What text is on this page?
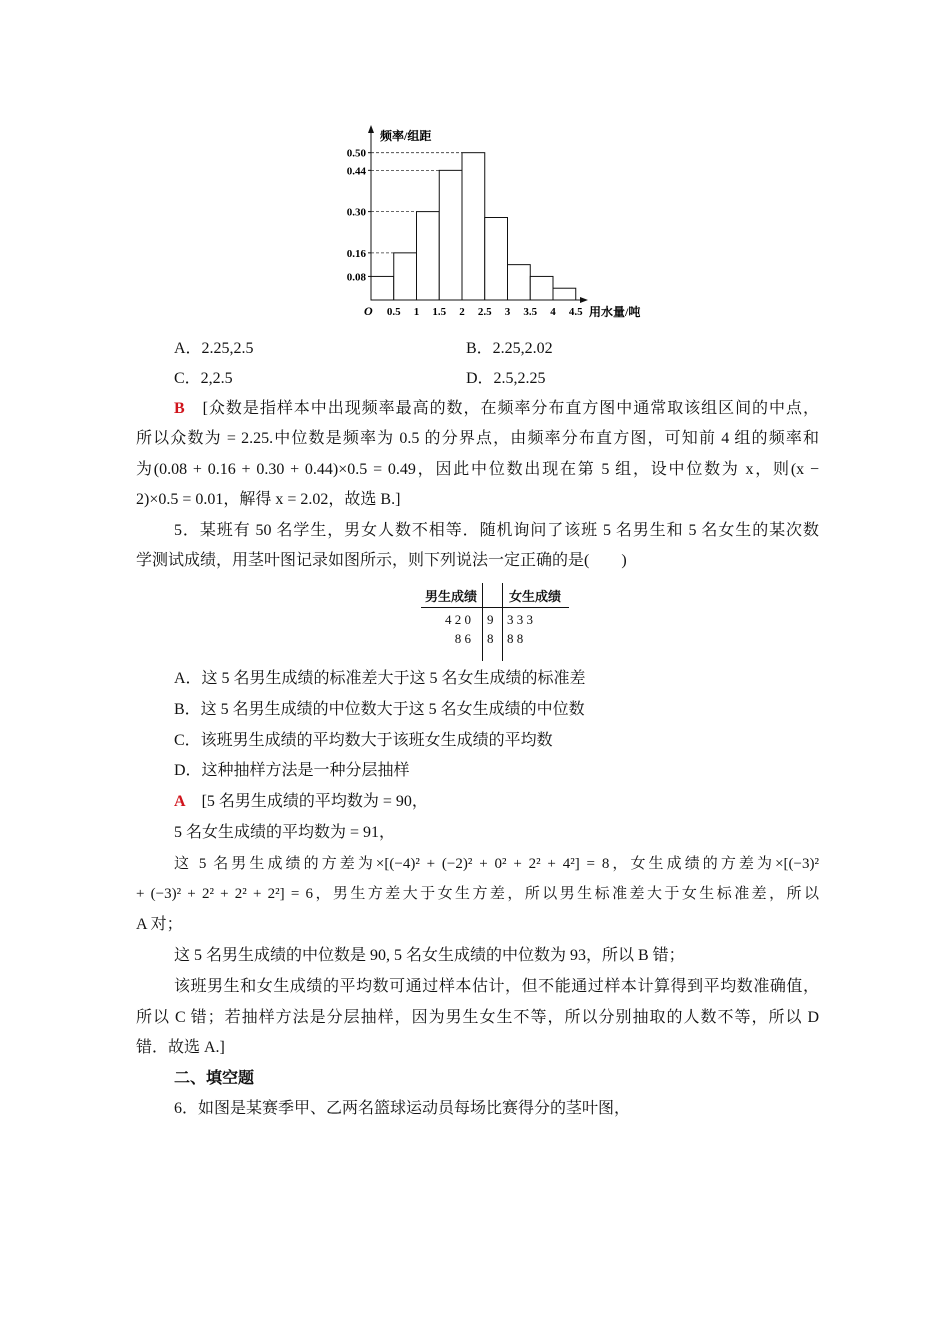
0.08
0.16
0.30
0.44
0.50
0.5 1 1.5 2 2.5 3 3.5 4 4.5
频率/组距
用水量/吨
O
A．2.25,2.5	B．2.25,2.02
C．2,2.5	D．2.5,2.25
B　 [众数是指样本中出现频率最高的数，在频率分布直方图中通常取该组区间的中点，
所以众数为 = 2.25.中位数是频率为 0.5 的分界点，由频率分布直方图，可知前 4 组的频率和
为(0.08 + 0.16 + 0.30 + 0.44)×0.5 = 0.49，因此中位数出现在第 5 组，设中位数为 x，则(x −
2)×0.5 = 0.01，解得 x = 2.02，故选 B.]
5．某班有 50 名学生，男女人数不相等．随机询问了该班 5 名男生和 5 名女生的某次数
学测试成绩，用茎叶图记录如图所示，则下列说法一定正确的是(　　)
男生成绩 女生成绩
4 2 0 9 3 3 3
8 6 8 8 8
A．这 5 名男生成绩的标准差大于这 5 名女生成绩的标准差
B．这 5 名男生成绩的中位数大于这 5 名女生成绩的中位数
C．该班男生成绩的平均数大于该班女生成绩的平均数
D．这种抽样方法是一种分层抽样
A　 [5 名男生成绩的平均数为 = 90，
5 名女生成绩的平均数为 = 91，
这 5 名男生成绩的方差为×[(−4)² + (−2)² + 0² + 2² + 4²] = 8，女生成绩的方差为×[(−3)²
+ (−3)² + 2² + 2² + 2²] = 6，男生方差大于女生方差，所以男生标准差大于女生标准差，所以
A 对；
这 5 名男生成绩的中位数是 90, 5 名女生成绩的中位数为 93，所以 B 错；
该班男生和女生成绩的平均数可通过样本估计，但不能通过样本计算得到平均数准确值，
所以 C 错；若抽样方法是分层抽样，因为男生女生不等，所以分别抽取的人数不等，所以 D
错．故选 A.]
二、填空题
6．如图是某赛季甲、乙两名篮球运动员每场比赛得分的茎叶图，
